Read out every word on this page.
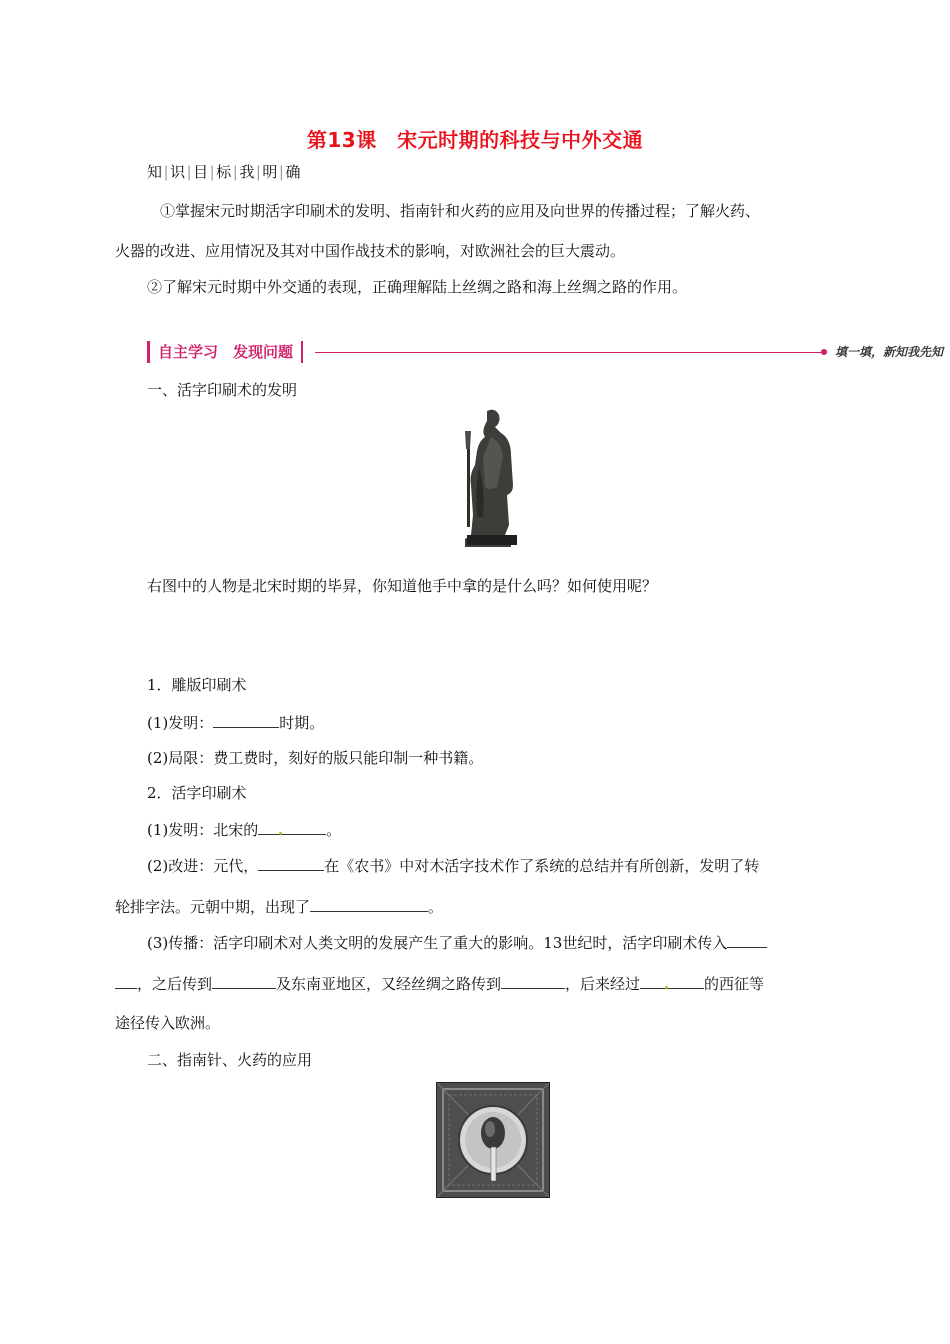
第13课　宋元时期的科技与中外交通
知|识|目|标|我|明|确
①掌握宋元时期活字印刷术的发明、指南针和火药的应用及向世界的传播过程；了解火药、
火器的改进、应用情况及其对中国作战技术的影响，对欧洲社会的巨大震动。
②了解宋元时期中外交通的表现，正确理解陆上丝绸之路和海上丝绸之路的作用。
自主学习　发现问题	填一填，新知我先知
一、活字印刷术的发明
右图中的人物是北宋时期的毕昇，你知道他手中拿的是什么吗？如何使用呢？
1．雕版印刷术
(1)发明：	时期。
(2)局限：费工费时，刻好的版只能印制一种书籍。
2．活字印刷术
(1)发明：北宋的	。
(2)改进：元代，	在《农书》中对木活字技术作了系统的总结并有所创新，发明了转
轮排字法。元朝中期，出现了	。
(3)传播：活字印刷术对人类文明的发展产生了重大的影响。13世纪时，活字印刷术传入
，之后传到	及东南亚地区，又经丝绸之路传到	，后来经过	的西征等
途径传入欧洲。
二、指南针、火药的应用
